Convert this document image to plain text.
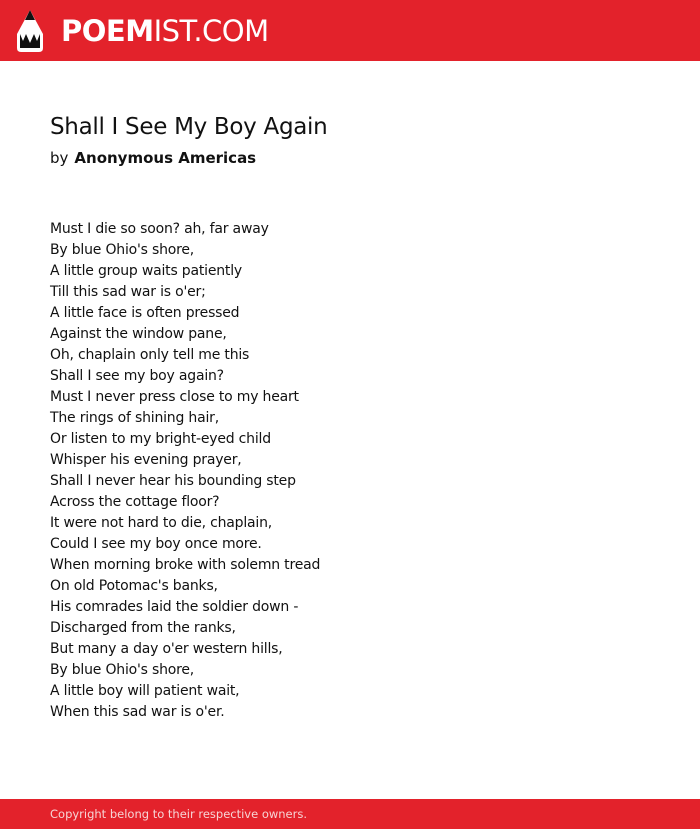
POEMIST.COM
Shall I See My Boy Again
by Anonymous Americas
Must I die so soon? ah, far away
By blue Ohio's shore,
A little group waits patiently
Till this sad war is o'er;
A little face is often pressed
Against the window pane,
Oh, chaplain only tell me this
Shall I see my boy again?
Must I never press close to my heart
The rings of shining hair,
Or listen to my bright-eyed child
Whisper his evening prayer,
Shall I never hear his bounding step
Across the cottage floor?
It were not hard to die, chaplain,
Could I see my boy once more.
When morning broke with solemn tread
On old Potomac's banks,
His comrades laid the soldier down -
Discharged from the ranks,
But many a day o'er western hills,
By blue Ohio's shore,
A little boy will patient wait,
When this sad war is o'er.
Copyright belong to their respective owners.
